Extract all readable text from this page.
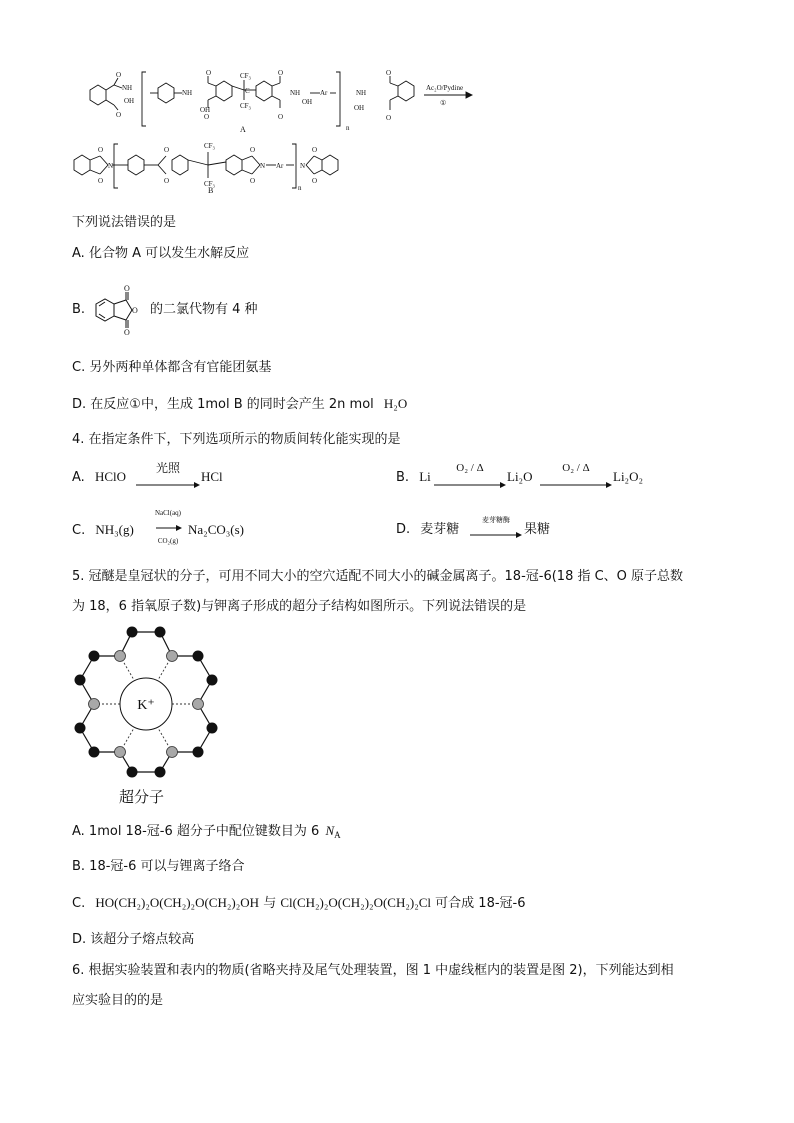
O
NH
OH
O
NH
O
OH
O
CF₃
C
CF₃
O
NH
OH
Ar
O
n
NH
OH
O
O
Ac₂O/Pydine
①
A
O
N
O
O
O
CF₃
CF₃
O
N Ar
O
n
N
O
O
B
下列说法错误的是
A. 化合物 A 可以发生水解反应
B.
O
O
O
的二氯代物有 4 种
C. 另外两种单体都含有官能团氨基
D. 在反应①中，生成 1mol B 的同时会产生 2n mol H₂O
4. 在指定条件下，下列选项所示的物质间转化能实现的是
A. HClO
光照
HCl	B. Li
O₂ / Δ
Li₂O
O₂ / Δ
Li₂O₂
C. NH₃(g)
NaCl(aq)
CO₂(g)
Na₂CO₃(s)	D. 麦芽糖
麦芽糖酶
果糖
5. 冠醚是皇冠状的分子，可用不同大小的空穴适配不同大小的碱金属离子。18-冠-6(18 指 C、O 原子总数
为 18，6 指氧原子数)与钾离子形成的超分子结构如图所示。下列说法错误的是
K⁺
超分子
A. 1mol 18-冠-6 超分子中配位键数目为 6 $N_A$
B. 18-冠-6 可以与锂离子络合
C. HO(CH₂)₂O(CH₂)₂O(CH₂)₂OH 与 Cl(CH₂)₂O(CH₂)₂O(CH₂)₂Cl 可合成 18-冠-6
D. 该超分子熔点较高
6. 根据实验装置和表内的物质(省略夹持及尾气处理装置，图 1 中虚线框内的装置是图 2)，下列能达到相
应实验目的的是
